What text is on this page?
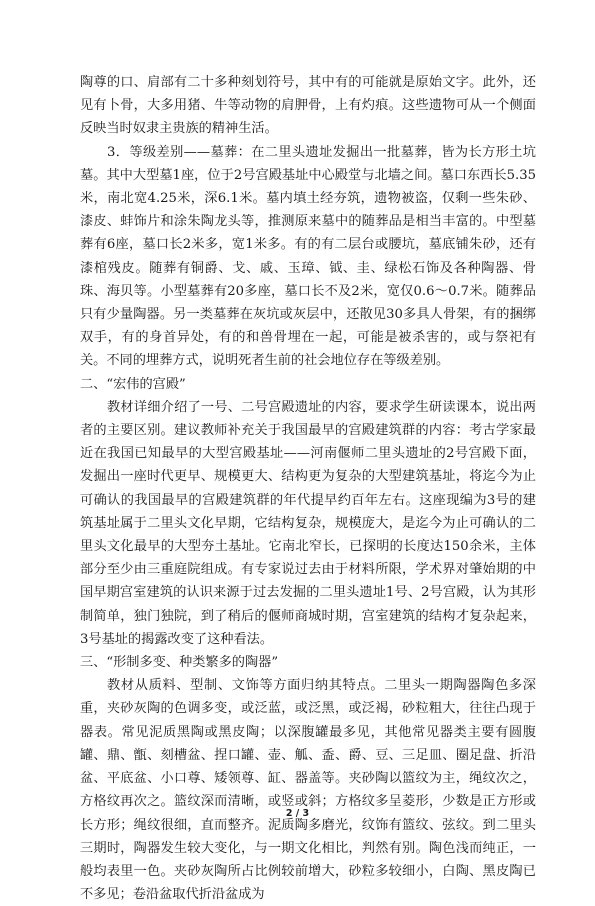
陶尊的口、肩部有二十多种刻划符号，其中有的可能就是原始文字。此外，还见有卜骨，大多用猪、牛等动物的肩胛骨，上有灼痕。这些遗物可从一个侧面反映当时奴隶主贵族的精神生活。

3．等级差别——墓葬：在二里头遗址发掘出一批墓葬，皆为长方形土坑墓。其中大型墓1座，位于2号宫殿基址中心殿堂与北墙之间。墓口东西长5.35米，南北宽4.25米，深6.1米。墓内填土经夯筑，遗物被盗，仅剩一些朱砂、漆皮、蚌饰片和涂朱陶龙头等，推测原来墓中的随葬品是相当丰富的。中型墓葬有6座，墓口长2米多，宽1米多。有的有二层台或腰坑，墓底铺朱砂，还有漆棺残皮。随葬有铜爵、戈、戚、玉璋、钺、圭、绿松石饰及各种陶器、骨珠、海贝等。小型墓葬有20多座，墓口长不及2米，宽仅0.6～0.7米。随葬品只有少量陶器。另一类墓葬在灰坑或灰层中，还散见30多具人骨架，有的捆绑双手，有的身首异处，有的和兽骨埋在一起，可能是被杀害的，或与祭祀有关。不同的埋葬方式，说明死者生前的社会地位存在等级差别。

二、“宏伟的宫殿”

教材详细介绍了一号、二号宫殿遗址的内容，要求学生研读课本，说出两者的主要区别。建议教师补充关于我国最早的宫殿建筑群的内容：考古学家最近在我国已知最早的大型宫殿基址——河南偃师二里头遗址的2号宫殿下面，发掘出一座时代更早、规模更大、结构更为复杂的大型建筑基址，将迄今为止可确认的我国最早的宫殿建筑群的年代提早约百年左右。这座现编为3号的建筑基址属于二里头文化早期，它结构复杂，规模庞大，是迄今为止可确认的二里头文化最早的大型夯土基址。它南北窄长，已探明的长度达150余米，主体部分至少由三重庭院组成。有专家说过去由于材料所限，学术界对肇始期的中国早期宫室建筑的认识来源于过去发掘的二里头遗址1号、2号宫殿，认为其形制简单，独门独院，到了稍后的偃师商城时期，宫室建筑的结构才复杂起来，3号基址的揭露改变了这种看法。

三、“形制多变、种类繁多的陶器”

教材从质料、型制、文饰等方面归纳其特点。二里头一期陶器陶色多深重，夹砂灰陶的色调多变，或泛蓝，或泛黑，或泛褐，砂粒粗大，往往凸现于器表。常见泥质黑陶或黑皮陶；以深腹罐最多见，其他常见器类主要有圆腹罐、鼎、甑、刻槽盆、捏口罐、壶、觚、盉、爵、豆、三足皿、圈足盘、折沿盆、平底盆、小口尊、矮领尊、缸、器盖等。夹砂陶以篮纹为主，绳纹次之，方格纹再次之。篮纹深而清晰，或竖或斜；方格纹多呈菱形，少数是正方形或长方形；绳纹很细，直而整齐。泥质陶多磨光，纹饰有篮纹、弦纹。到二里头三期时，陶器发生较大变化，与一期文化相比，判然有别。陶色浅而纯正，一般均表里一色。夹砂灰陶所占比例较前增大，砂粒多较细小，白陶、黑皮陶已不多见；卷沿盆取代折沿盆成为

2 / 3
